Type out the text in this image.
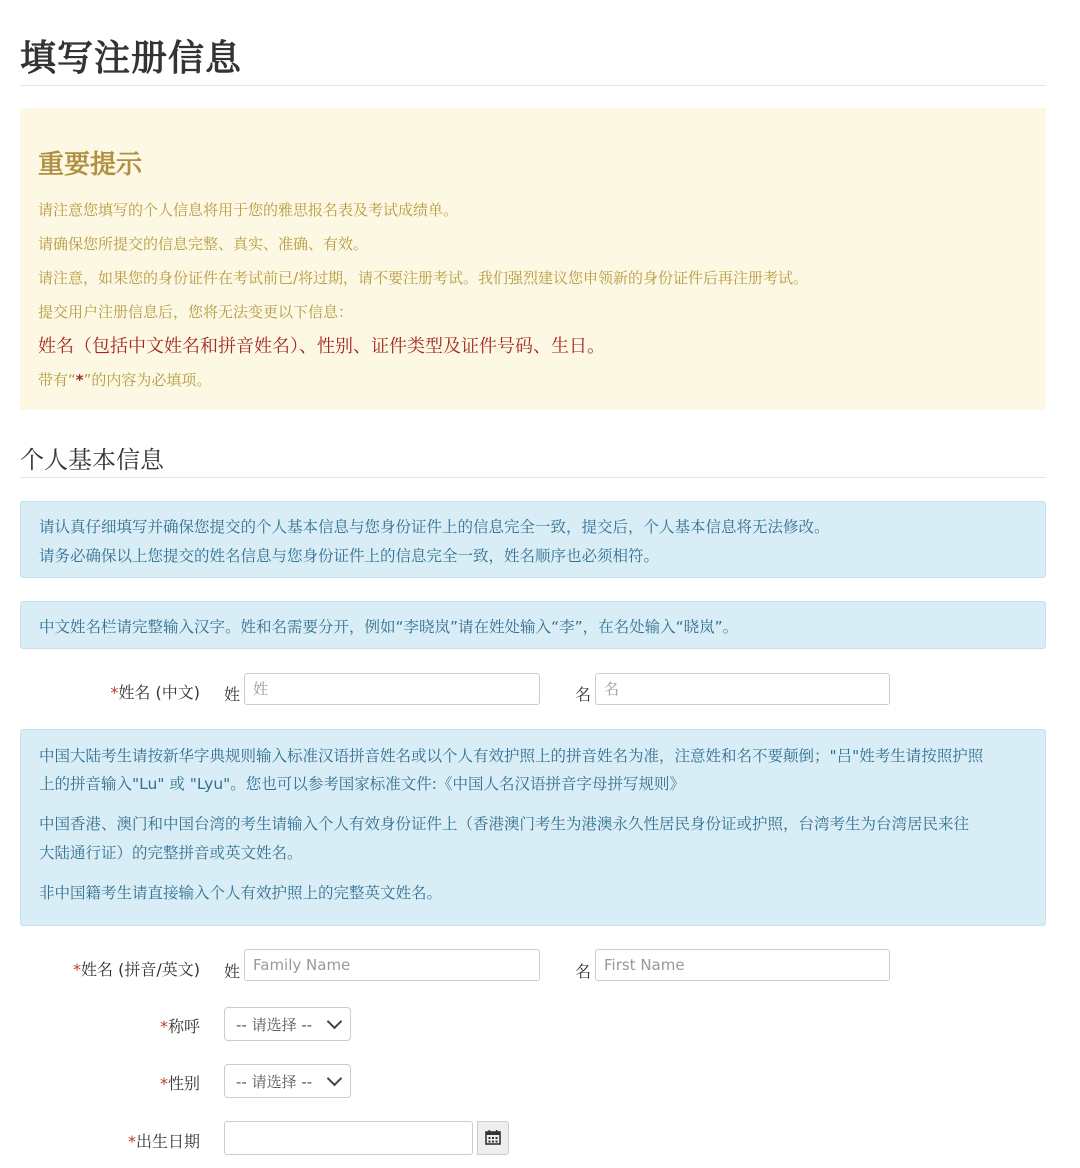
填写注册信息
重要提示
请注意您填写的个人信息将用于您的雅思报名表及考试成绩单。
请确保您所提交的信息完整、真实、准确、有效。
请注意，如果您的身份证件在考试前已/将过期，请不要注册考试。我们强烈建议您申领新的身份证件后再注册考试。
提交用户注册信息后，您将无法变更以下信息：
姓名（包括中文姓名和拼音姓名）、性别、证件类型及证件号码、生日。
带有“*”的内容为必填项。
个人基本信息
请认真仔细填写并确保您提交的个人基本信息与您身份证件上的信息完全一致，提交后，个人基本信息将无法修改。
请务必确保以上您提交的姓名信息与您身份证件上的信息完全一致，姓名顺序也必须相符。
中文姓名栏请完整输入汉字。姓和名需要分开，例如“李晓岚”请在姓处输入“李”，在名处输入“晓岚”。
*姓名 (中文) 姓
姓	名
名
中国大陆考生请按新华字典规则输入标准汉语拼音姓名或以个人有效护照上的拼音姓名为准，注意姓和名不要颠倒；"吕"姓考生请按照护照
上的拼音输入"Lu" 或 "Lyu"。您也可以参考国家标准文件:《中国人名汉语拼音字母拼写规则》
中国香港、澳门和中国台湾的考生请输入个人有效身份证件上（香港澳门考生为港澳永久性居民身份证或护照，台湾考生为台湾居民来往
大陆通行证）的完整拼音或英文姓名。
非中国籍考生请直接输入个人有效护照上的完整英文姓名。
*姓名 (拼音/英文) 姓
Family Name	名
First Name
*称呼 -- 请选择 --
*性别 -- 请选择 --
*出生日期
